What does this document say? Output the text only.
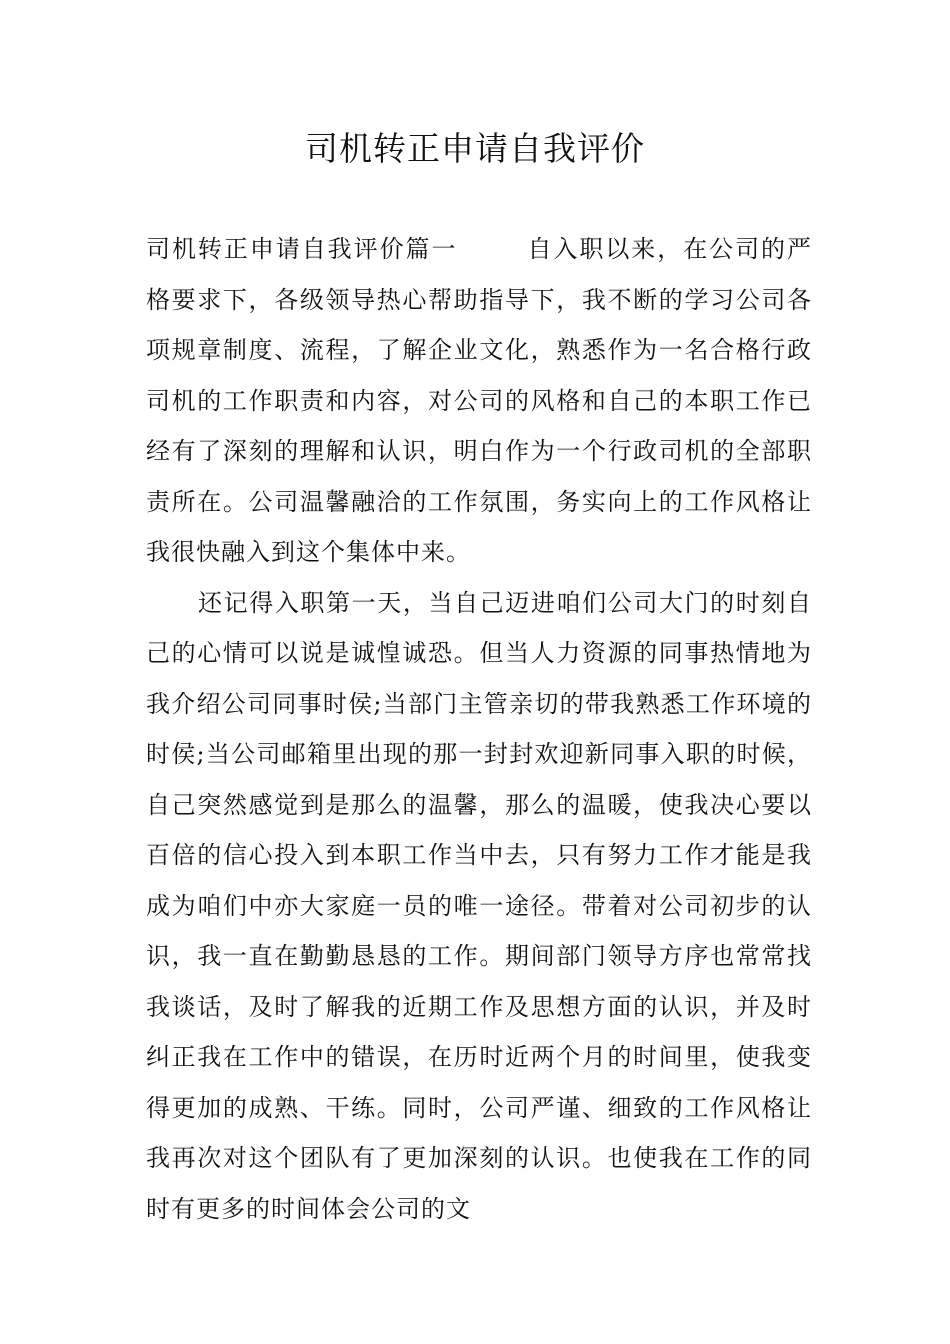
司机转正申请自我评价

司机转正申请自我评价篇一	自入职以来，在公司的严格要求下，各级领导热心帮助指导下，我不断的学习公司各项规章制度、流程，了解企业文化，熟悉作为一名合格行政司机的工作职责和内容，对公司的风格和自己的本职工作已经有了深刻的理解和认识，明白作为一个行政司机的全部职责所在。公司温馨融洽的工作氛围，务实向上的工作风格让我很快融入到这个集体中来。

还记得入职第一天，当自己迈进咱们公司大门的时刻自己的心情可以说是诚惶诚恐。但当人力资源的同事热情地为我介绍公司同事时侯;当部门主管亲切的带我熟悉工作环境的时侯;当公司邮箱里出现的那一封封欢迎新同事入职的时候，自己突然感觉到是那么的温馨，那么的温暖，使我决心要以百倍的信心投入到本职工作当中去，只有努力工作才能是我成为咱们中亦大家庭一员的唯一途径。带着对公司初步的认识，我一直在勤勤恳恳的工作。期间部门领导方序也常常找我谈话，及时了解我的近期工作及思想方面的认识，并及时纠正我在工作中的错误，在历时近两个月的时间里，使我变得更加的成熟、干练。同时，公司严谨、细致的工作风格让我再次对这个团队有了更加深刻的认识。也使我在工作的同时有更多的时间体会公司的文
